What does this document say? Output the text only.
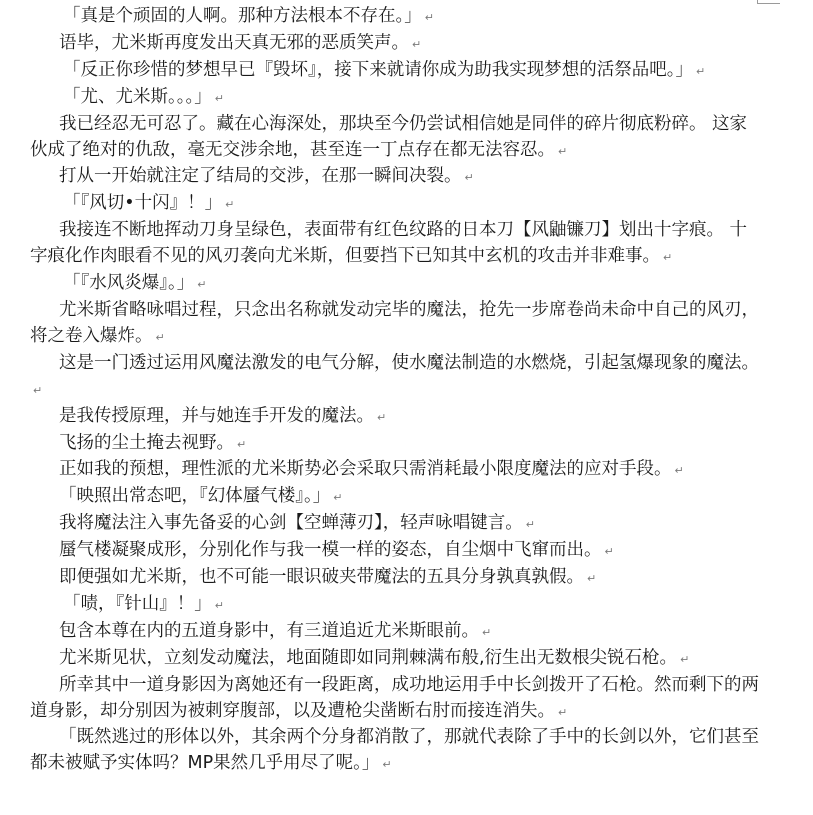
「真是个顽固的人啊。那种方法根本不存在。」 ↵

语毕，尤米斯再度发出天真无邪的恶质笑声。 ↵

「反正你珍惜的梦想早已『毁坏』，接下来就请你成为助我实现梦想的活祭品吧。」 ↵

「尤、尤米斯。。。」 ↵

我已经忍无可忍了。藏在心海深处，那块至今仍尝试相信她是同伴的碎片彻底粉碎。 这家伙成了绝对的仇敌，毫无交涉余地，甚至连一丁点存在都无法容忍。 ↵

打从一开始就注定了结局的交涉，在那一瞬间决裂。 ↵

「『风切•十闪』！」 ↵

我接连不断地挥动刀身呈绿色，表面带有红色纹路的日本刀【风鼬镰刀】划出十字痕。 十字痕化作肉眼看不见的风刃袭向尤米斯，但要挡下已知其中玄机的攻击并非难事。 ↵

「『水风炎爆』。」 ↵

尤米斯省略咏唱过程，只念出名称就发动完毕的魔法，抢先一步席卷尚未命中自己的风刃，将之卷入爆炸。 ↵

这是一门透过运用风魔法激发的电气分解，使水魔法制造的水燃烧，引起氢爆现象的魔法。↵

是我传授原理，并与她连手开发的魔法。 ↵

飞扬的尘土掩去视野。 ↵

正如我的预想，理性派的尤米斯势必会采取只需消耗最小限度魔法的应对手段。 ↵

「映照出常态吧，『幻体蜃气楼』。」 ↵

我将魔法注入事先备妥的心剑【空蝉薄刃】，轻声咏唱键言。 ↵

蜃气楼凝聚成形，分别化作与我一模一样的姿态，自尘烟中飞窜而出。 ↵

即便强如尤米斯，也不可能一眼识破夹带魔法的五具分身孰真孰假。 ↵

「啧，『针山』！」 ↵

包含本尊在内的五道身影中，有三道追近尤米斯眼前。 ↵

尤米斯见状，立刻发动魔法，地面随即如同荆棘满布般,衍生出无数根尖锐石枪。 ↵

所幸其中一道身影因为离她还有一段距离，成功地运用手中长剑拨开了石枪。然而剩下的两道身影，却分别因为被刺穿腹部，以及遭枪尖凿断右肘而接连消失。 ↵

「既然逃过的形体以外，其余两个分身都消散了，那就代表除了手中的长剑以外，它们甚至都未被赋予实体吗？MP果然几乎用尽了呢。」 ↵
